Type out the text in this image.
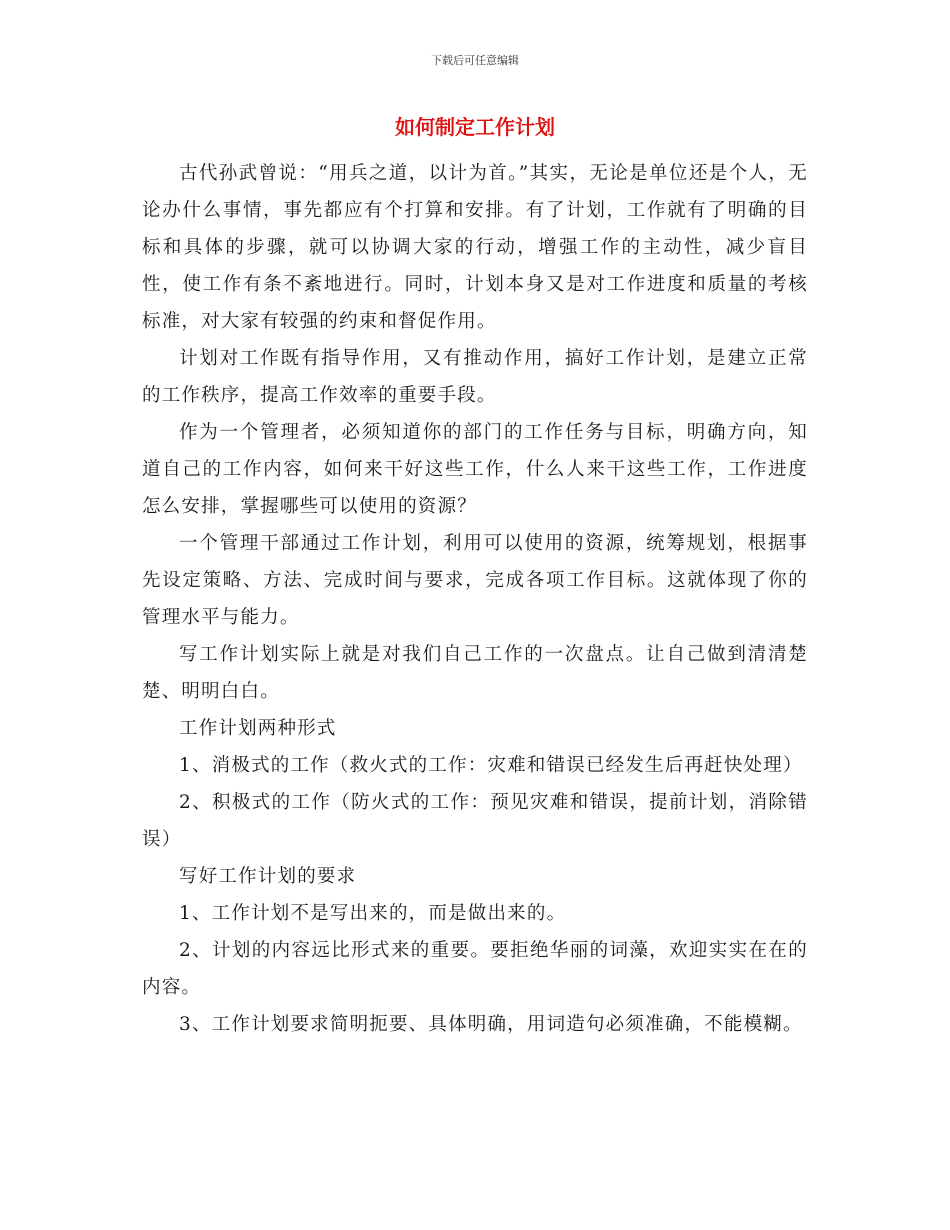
下载后可任意编辑
如何制定工作计划

古代孙武曾说：“用兵之道，以计为首。”其实，无论是单位还是个人，无论办什么事情，事先都应有个打算和安排。有了计划，工作就有了明确的目标和具体的步骤，就可以协调大家的行动，增强工作的主动性，减少盲目性，使工作有条不紊地进行。同时，计划本身又是对工作进度和质量的考核标准，对大家有较强的约束和督促作用。

计划对工作既有指导作用，又有推动作用，搞好工作计划，是建立正常的工作秩序，提高工作效率的重要手段。

作为一个管理者，必须知道你的部门的工作任务与目标，明确方向，知道自己的工作内容，如何来干好这些工作，什么人来干这些工作，工作进度怎么安排，掌握哪些可以使用的资源？

一个管理干部通过工作计划，利用可以使用的资源，统筹规划，根据事先设定策略、方法、完成时间与要求，完成各项工作目标。这就体现了你的管理水平与能力。

写工作计划实际上就是对我们自己工作的一次盘点。让自己做到清清楚楚、明明白白。

工作计划两种形式

1、消极式的工作（救火式的工作：灾难和错误已经发生后再赶快处理）

2、积极式的工作（防火式的工作：预见灾难和错误，提前计划，消除错误）

写好工作计划的要求

1、工作计划不是写出来的，而是做出来的。

2、计划的内容远比形式来的重要。要拒绝华丽的词藻，欢迎实实在在的内容。

3、工作计划要求简明扼要、具体明确，用词造句必须准确，不能模糊。
